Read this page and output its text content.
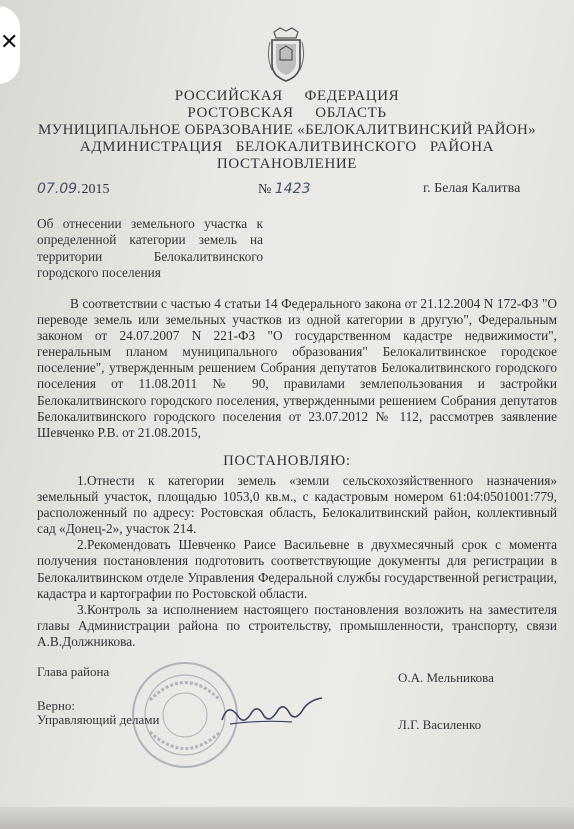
✕
РОССИЙСКАЯ     ФЕДЕРАЦИЯ
РОСТОВСКАЯ     ОБЛАСТЬ
МУНИЦИПАЛЬНОЕ ОБРАЗОВАНИЕ «БЕЛОКАЛИТВИНСКИЙ РАЙОН»
АДМИНИСТРАЦИЯ   БЕЛОКАЛИТВИНСКОГО   РАЙОНА
ПОСТАНОВЛЕНИЕ
07.09.2015	№ 1423	г. Белая Калитва
Об отнесении земельного участка к определенной категории земель на территории Белокалитвинского городского поселения

В соответствии с частью 4 статьи 14 Федерального закона от 21.12.2004 N 172-ФЗ "О переводе земель или земельных участков из одной категории в другую", Федеральным законом от 24.07.2007 N 221-ФЗ "О государственном кадастре недвижимости", генеральным планом муниципального образования" Белокалитвинское городское поселение", утвержденным решением Собрания депутатов Белокалитвинского городского поселения от 11.08.2011 № 90, правилами землепользования и застройки Белокалитвинского городского поселения, утвержденными решением Собрания депутатов Белокалитвинского городского поселения от 23.07.2012 № 112, рассмотрев заявление Шевченко Р.В. от 21.08.2015,

ПОСТАНОВЛЯЮ:

1.Отнести к категории земель «земли сельскохозяйственного назначения» земельный участок, площадью 1053,0 кв.м., с кадастровым номером 61:04:0501001:779, расположенный по адресу: Ростовская область, Белокалитвинский район, коллективный сад «Донец-2», участок 214.

2.Рекомендовать Шевченко Раисе Васильевне в двухмесячный срок с момента получения постановления подготовить соответствующие документы для регистрации в Белокалитвинском отделе Управления Федеральной службы государственной регистрации, кадастра и картографии по Ростовской области.

3.Контроль за исполнением настоящего постановления возложить на заместителя главы Администрации района по строительству, промышленности, транспорту, связи А.В.Должникова.

Глава района	О.А. Мельникова
Верно:
Управляющий делами	Л.Г. Василенко
